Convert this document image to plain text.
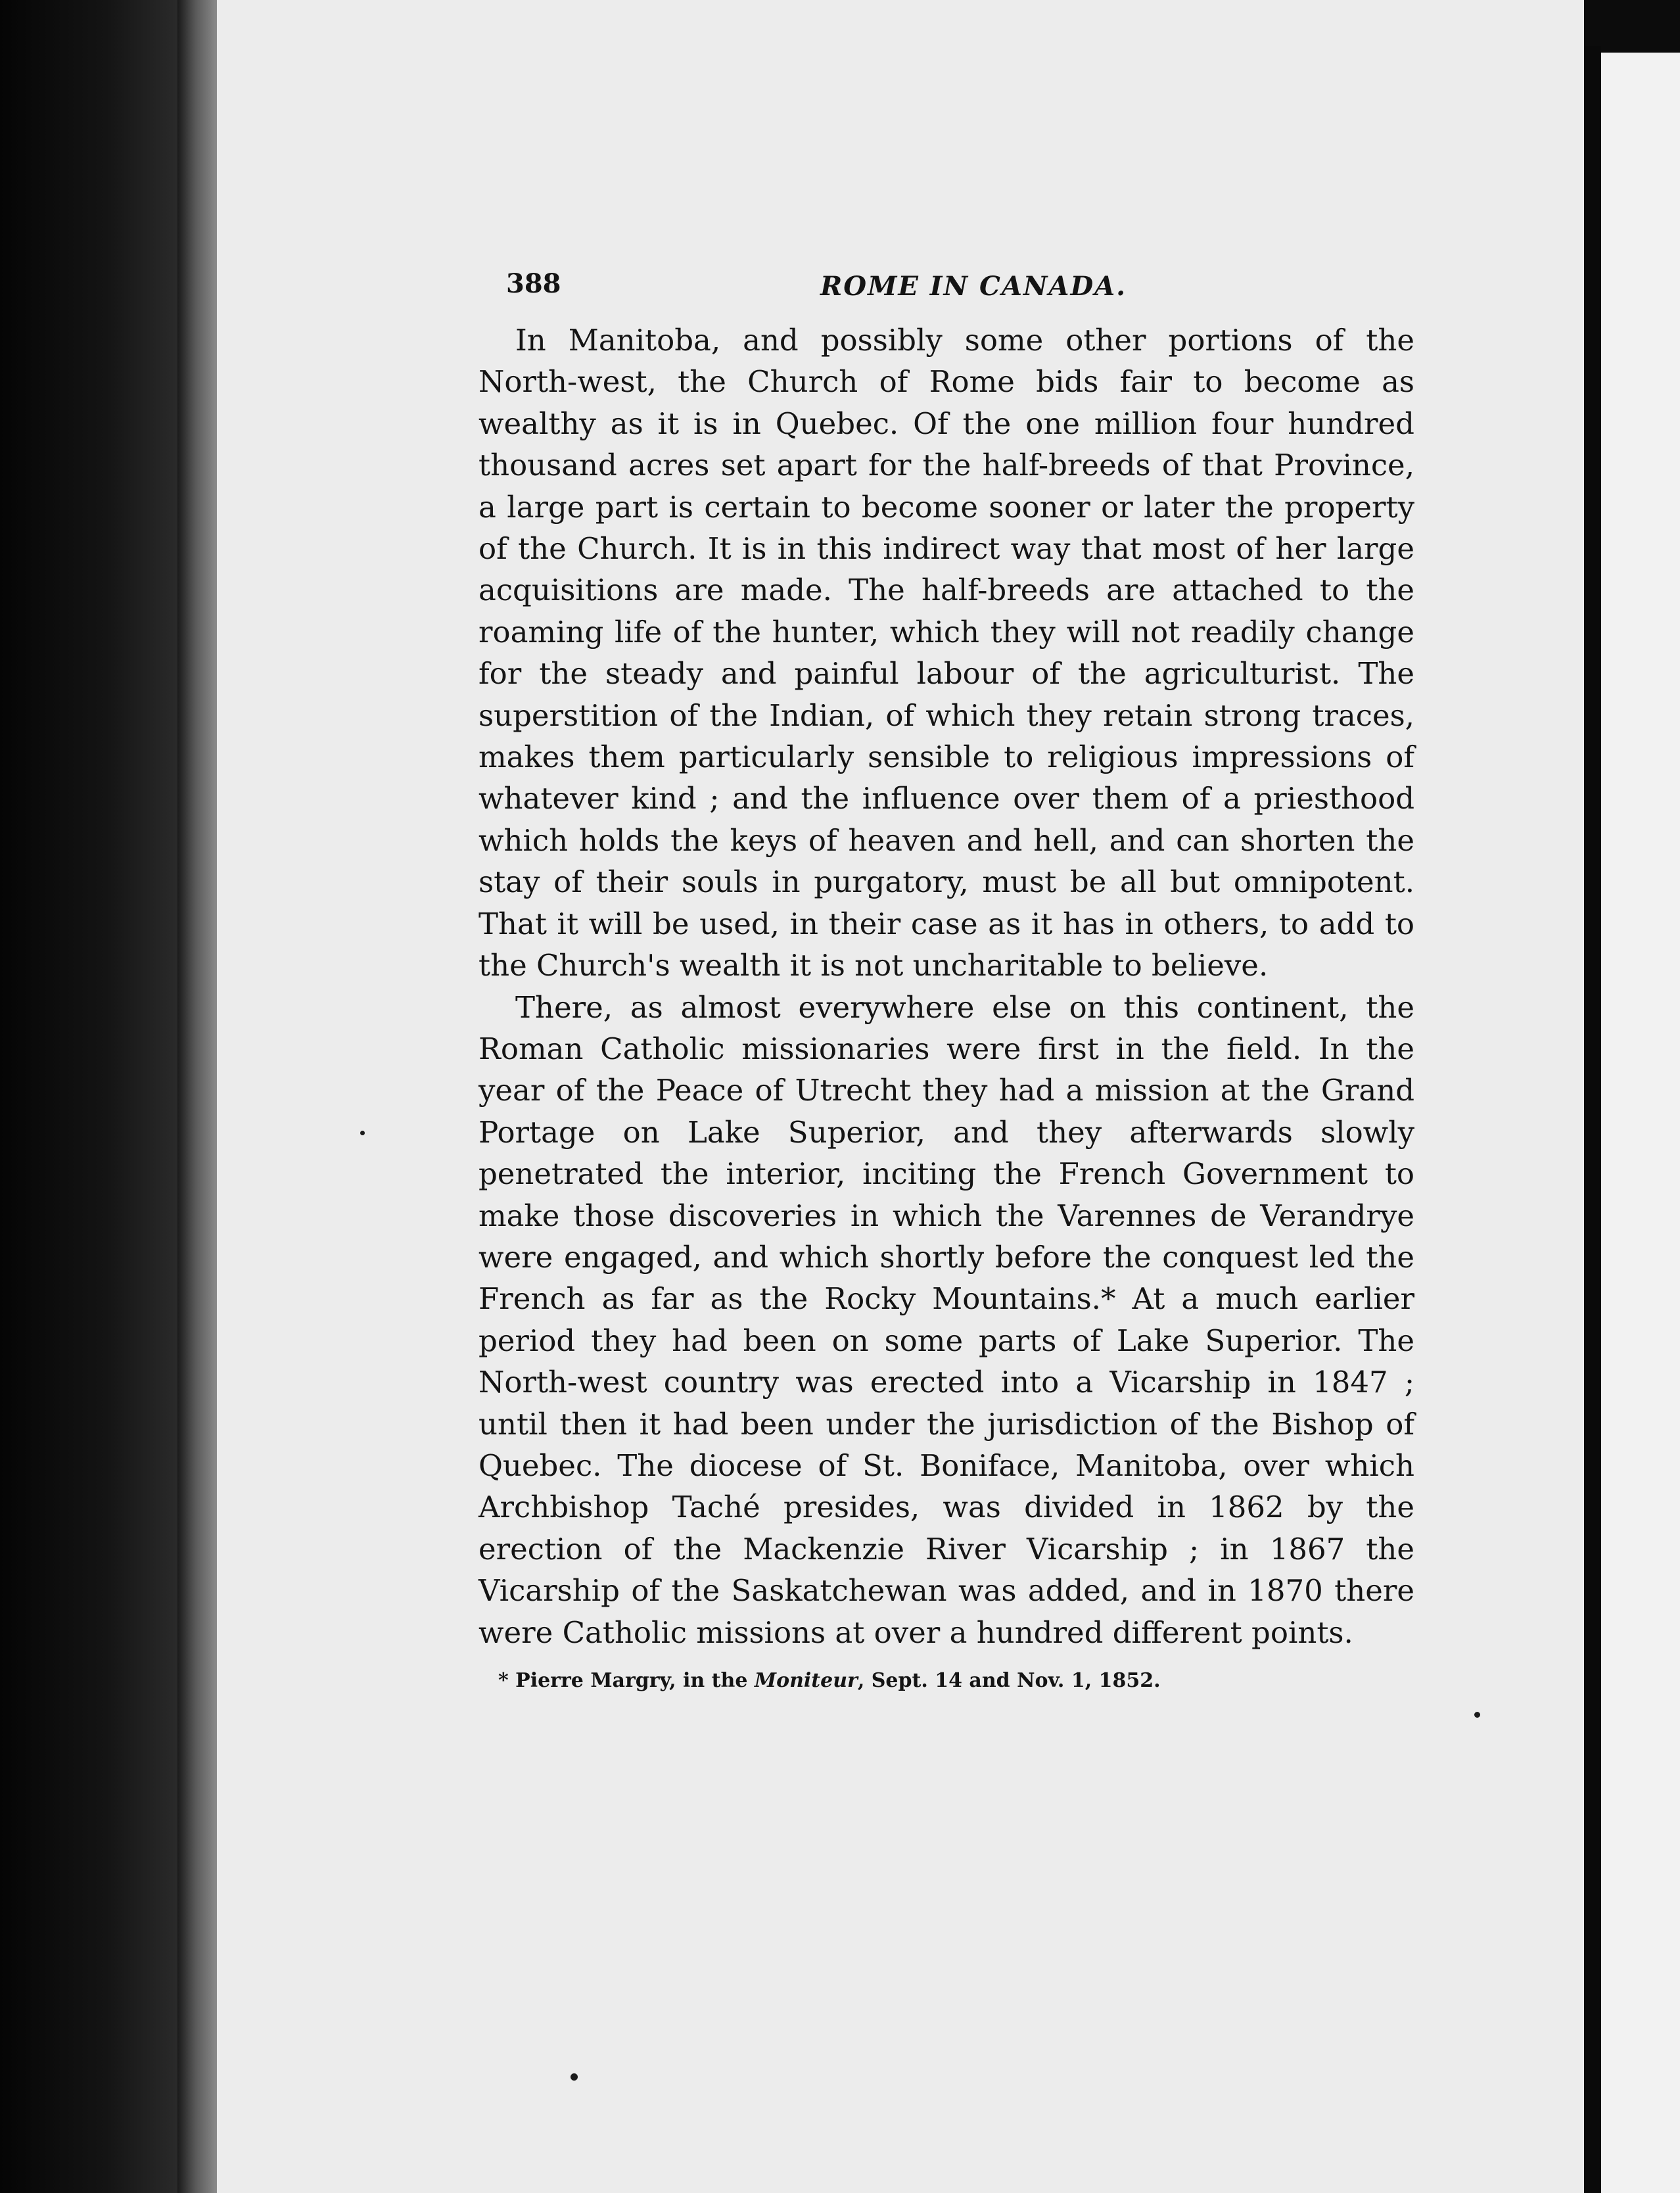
388	ROME IN CANADA.

In Manitoba, and possibly some other portions of the North-west, the Church of Rome bids fair to become as wealthy as it is in Quebec. Of the one million four hundred thousand acres set apart for the half-breeds of that Province, a large part is certain to become sooner or later the property of the Church. It is in this indirect way that most of her large acquisitions are made. The half-breeds are attached to the roaming life of the hunter, which they will not readily change for the steady and painful labour of the agriculturist. The superstition of the Indian, of which they retain strong traces, makes them particularly sensible to religious impressions of whatever kind ; and the influence over them of a priesthood which holds the keys of heaven and hell, and can shorten the stay of their souls in purgatory, must be all but omnipotent. That it will be used, in their case as it has in others, to add to the Church's wealth it is not uncharitable to believe.

There, as almost everywhere else on this continent, the Roman Catholic missionaries were first in the field. In the year of the Peace of Utrecht they had a mission at the Grand Portage on Lake Superior, and they afterwards slowly penetrated the interior, inciting the French Government to make those discoveries in which the Varennes de Verandrye were engaged, and which shortly before the conquest led the French as far as the Rocky Mountains.* At a much earlier period they had been on some parts of Lake Superior. The North-west country was erected into a Vicarship in 1847 ; until then it had been under the jurisdiction of the Bishop of Quebec. The diocese of St. Boniface, Manitoba, over which Archbishop Taché presides, was divided in 1862 by the erection of the Mackenzie River Vicarship ; in 1867 the Vicarship of the Saskatchewan was added, and in 1870 there were Catholic missions at over a hundred different points.

* Pierre Margry, in the Moniteur, Sept. 14 and Nov. 1, 1852.
